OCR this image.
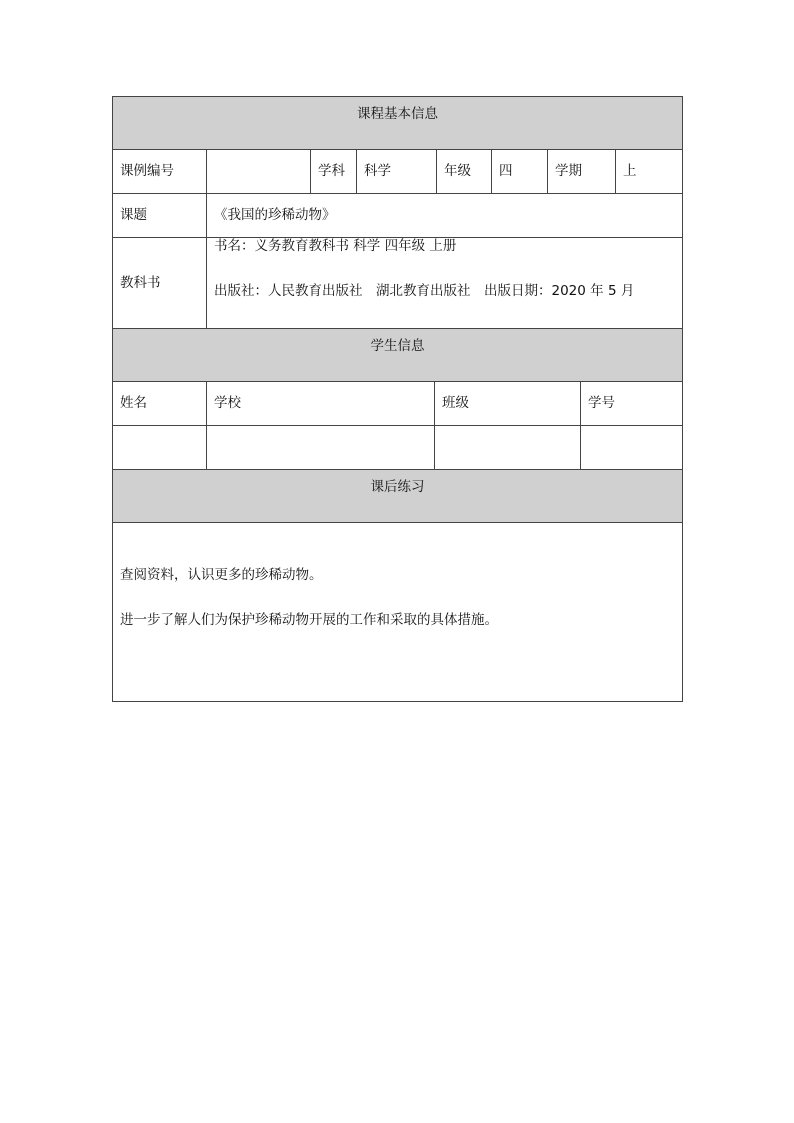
课程基本信息									
课例编号		学科	科学		年级	四	学期		上
课题	《我国的珍稀动物》								
教科书	书名：义务教育教科书 科学 四年级 上册
出版社：人民教育出版社　湖北教育出版社　出版日期：2020 年 5 月								

学生信息									
姓名	学校			班级				学号	

课后练习									

查阅资料，认识更多的珍稀动物。
进一步了解人们为保护珍稀动物开展的工作和采取的具体措施。									
